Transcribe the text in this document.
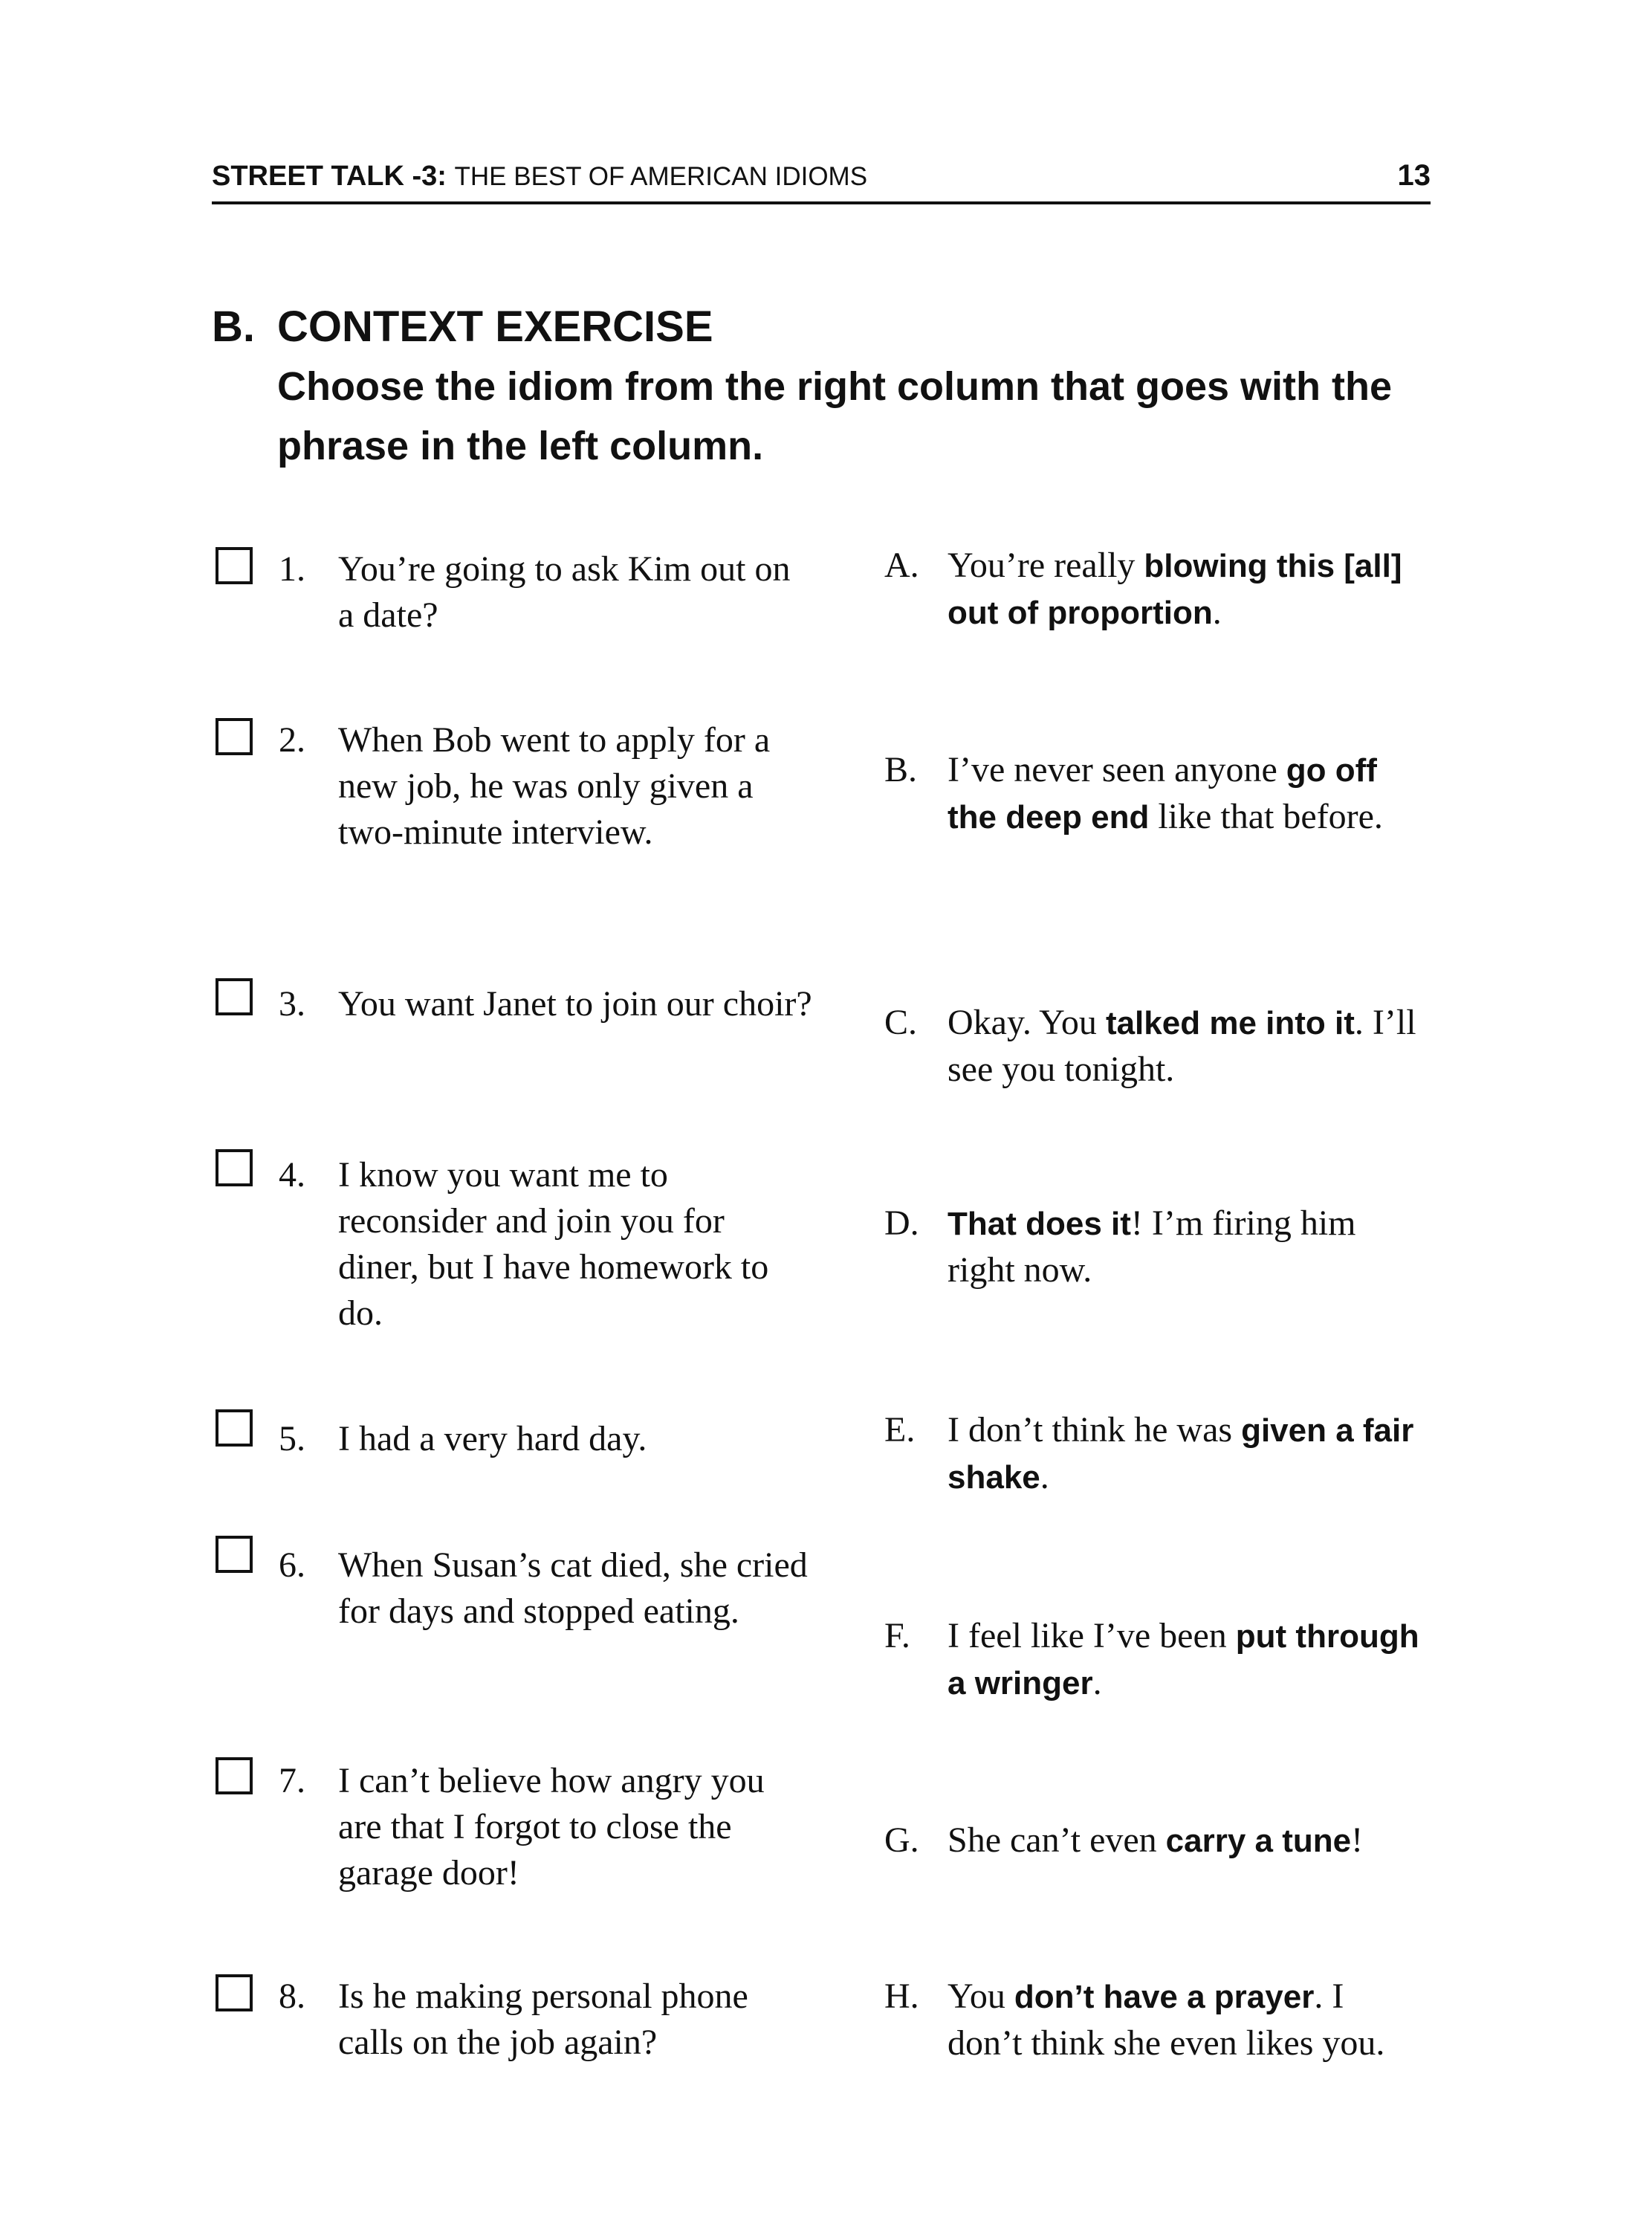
STREET TALK -3: THE BEST OF AMERICAN IDIOMS	13
B. CONTEXT EXERCISE
Choose the idiom from the right column that goes with the phrase in the left column.
1. You’re going to ask Kim out on a date?
A. You’re really blowing this [all] out of proportion.
2. When Bob went to apply for a new job, he was only given a two-minute interview.
B. I’ve never seen anyone go off the deep end like that before.
3. You want Janet to join our choir? C. Okay. You talked me into it. I’ll see you tonight.
4. I know you want me to reconsider and join you for diner, but I have homework to do.
D. That does it! I’m firing him right now.
5. I had a very hard day.	E. I don’t think he was given a fair shake.
6. When Susan’s cat died, she cried for days and stopped eating.
F. I feel like I’ve been put through a wringer.
7. I can’t believe how angry you are that I forgot to close the garage door!
G. She can’t even carry a tune!
8. Is he making personal phone calls on the job again?
H. You don’t have a prayer. I don’t think she even likes you.
